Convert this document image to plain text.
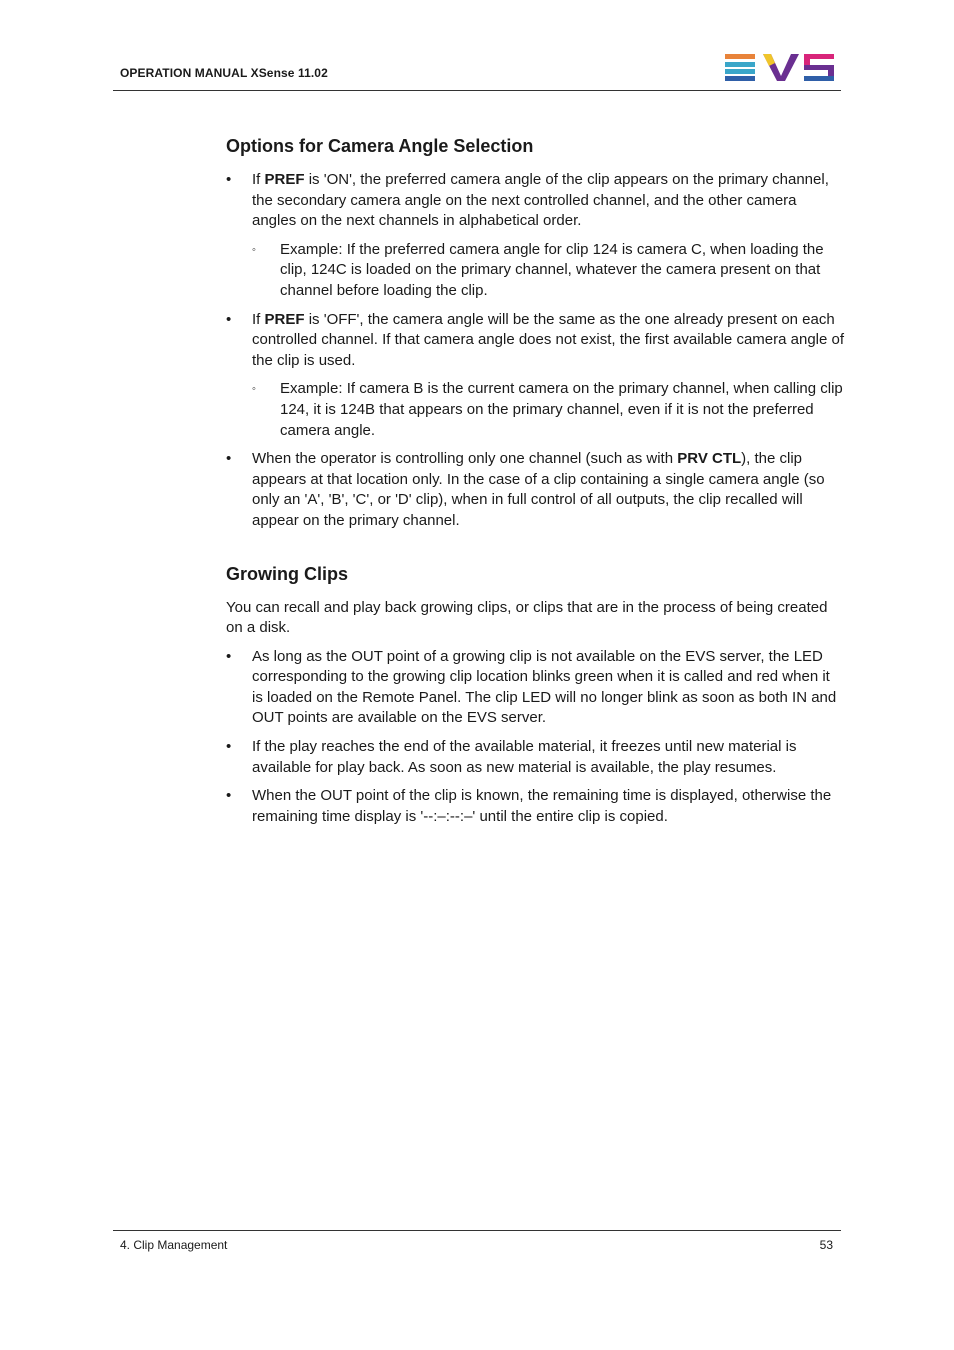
OPERATION MANUAL XSense 11.02
Options for Camera Angle Selection
• If PREF is 'ON', the preferred camera angle of the clip appears on the primary channel, the secondary camera angle on the next controlled channel, and the other camera angles on the next channels in alphabetical order.
◦ Example: If the preferred camera angle for clip 124 is camera C, when loading the clip, 124C is loaded on the primary channel, whatever the camera present on that channel before loading the clip.
• If PREF is 'OFF', the camera angle will be the same as the one already present on each controlled channel. If that camera angle does not exist, the first available camera angle of the clip is used.
◦ Example: If camera B is the current camera on the primary channel, when calling clip 124, it is 124B that appears on the primary channel, even if it is not the preferred camera angle.
• When the operator is controlling only one channel (such as with PRV CTL), the clip appears at that location only. In the case of a clip containing a single camera angle (so only an 'A', 'B', 'C', or 'D' clip), when in full control of all outputs, the clip recalled will appear on the primary channel.
Growing Clips

You can recall and play back growing clips, or clips that are in the process of being created on a disk.

• As long as the OUT point of a growing clip is not available on the EVS server, the LED corresponding to the growing clip location blinks green when it is called and red when it is loaded on the Remote Panel. The clip LED will no longer blink as soon as both IN and OUT points are available on the EVS server.
• If the play reaches the end of the available material, it freezes until new material is available for play back. As soon as new material is available, the play resumes.
• When the OUT point of the clip is known, the remaining time is displayed, otherwise the remaining time display is '--:–:--:–' until the entire clip is copied.
4. Clip Management	53
